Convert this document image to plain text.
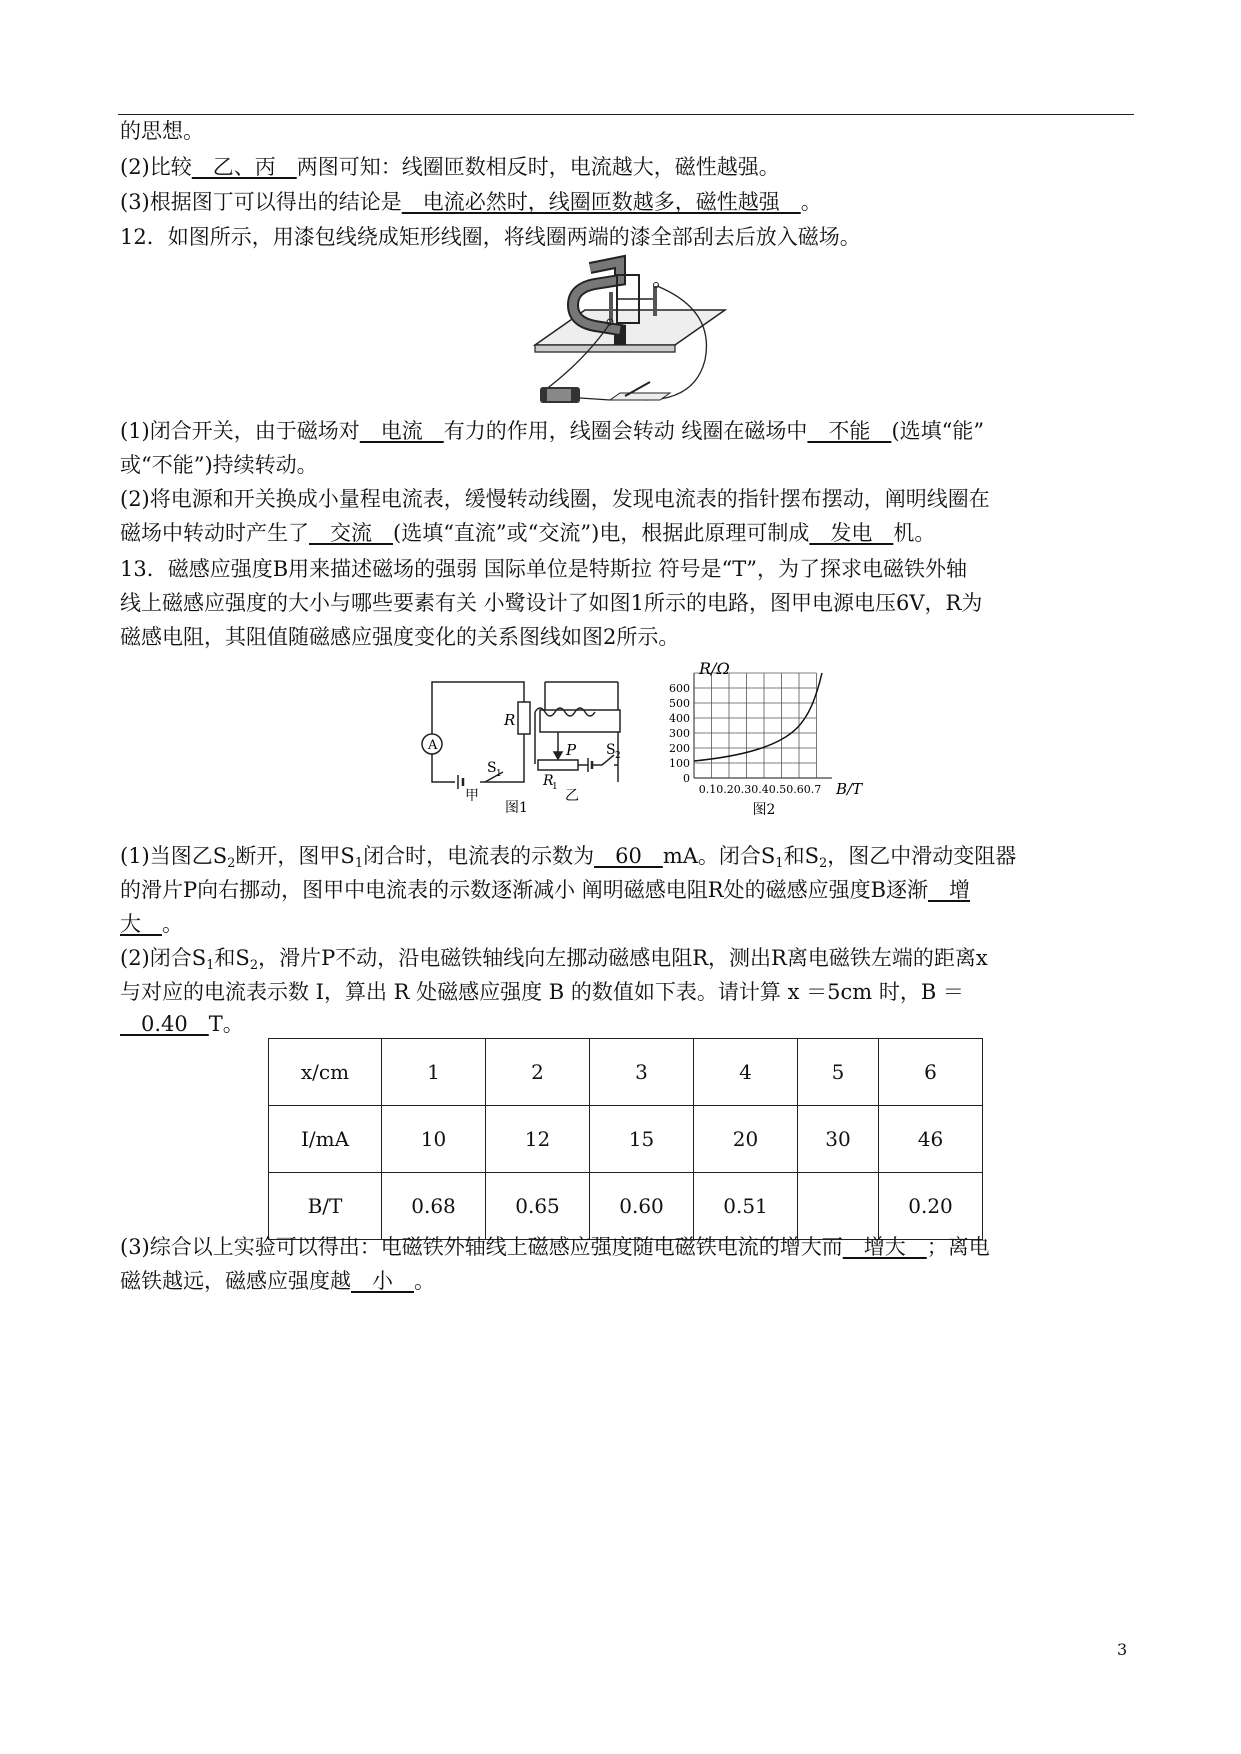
的思想。
(2)比较　乙、丙　两图可知：线圈匝数相反时，电流越大，磁性越强。
(3)根据图丁可以得出的结论是　电流必然时，线圈匝数越多，磁性越强　。
12．如图所示，用漆包线绕成矩形线圈，将线圈两端的漆全部刮去后放入磁场。
(1)闭合开关，由于磁场对　电流　有力的作用，线圈会转动 线圈在磁场中　不能　(选填“能”
或“不能”)持续转动。
(2)将电源和开关换成小量程电流表，缓慢转动线圈，发现电流表的指针摆布摆动，阐明线圈在
磁场中转动时产生了　交流　(选填“直流”或“交流”)电，根据此原理可制成　发电　机。
13．磁感应强度B用来描述磁场的强弱 国际单位是特斯拉 符号是“T”，为了探求电磁铁外轴
线上磁感应强度的大小与哪些要素有关 小鹭设计了如图1所示的电路，图甲电源电压6V，R为
磁感电阻，其阻值随磁感应强度变化的关系图线如图2所示。
A
R
S 1
S 2
P
R
1
甲	乙
图1
R/Ω
B/T
600
500
400
300
200
100
0
0.1 0.2 0.3 0.4 0.5 0.6 0.7
图2
(1)当图乙$S_2$断开，图甲$S_1$闭合时，电流表的示数为　60　mA。闭合$S_1$和$S_2$，图乙中滑动变阻器
的滑片P向右挪动，图甲中电流表的示数逐渐减小 阐明磁感电阻R处的磁感应强度B逐渐　增
大　。
(2)闭合$S_1$和$S_2$，滑片P不动，沿电磁铁轴线向左挪动磁感电阻R，测出R离电磁铁左端的距离x
与对应的电流表示数 I，算出 R 处磁感应强度 B 的数值如下表。请计算 x ＝5cm 时，B ＝
　0.40　T。
x/cm	1	2	3	4	5	6
I/mA	10	12	15	20	30	46
B/T	0.68	0.65	0.60	0.51		0.20
(3)综合以上实验可以得出：电磁铁外轴线上磁感应强度随电磁铁电流的增大而　增大　；离电
磁铁越远，磁感应强度越　小　。
3
